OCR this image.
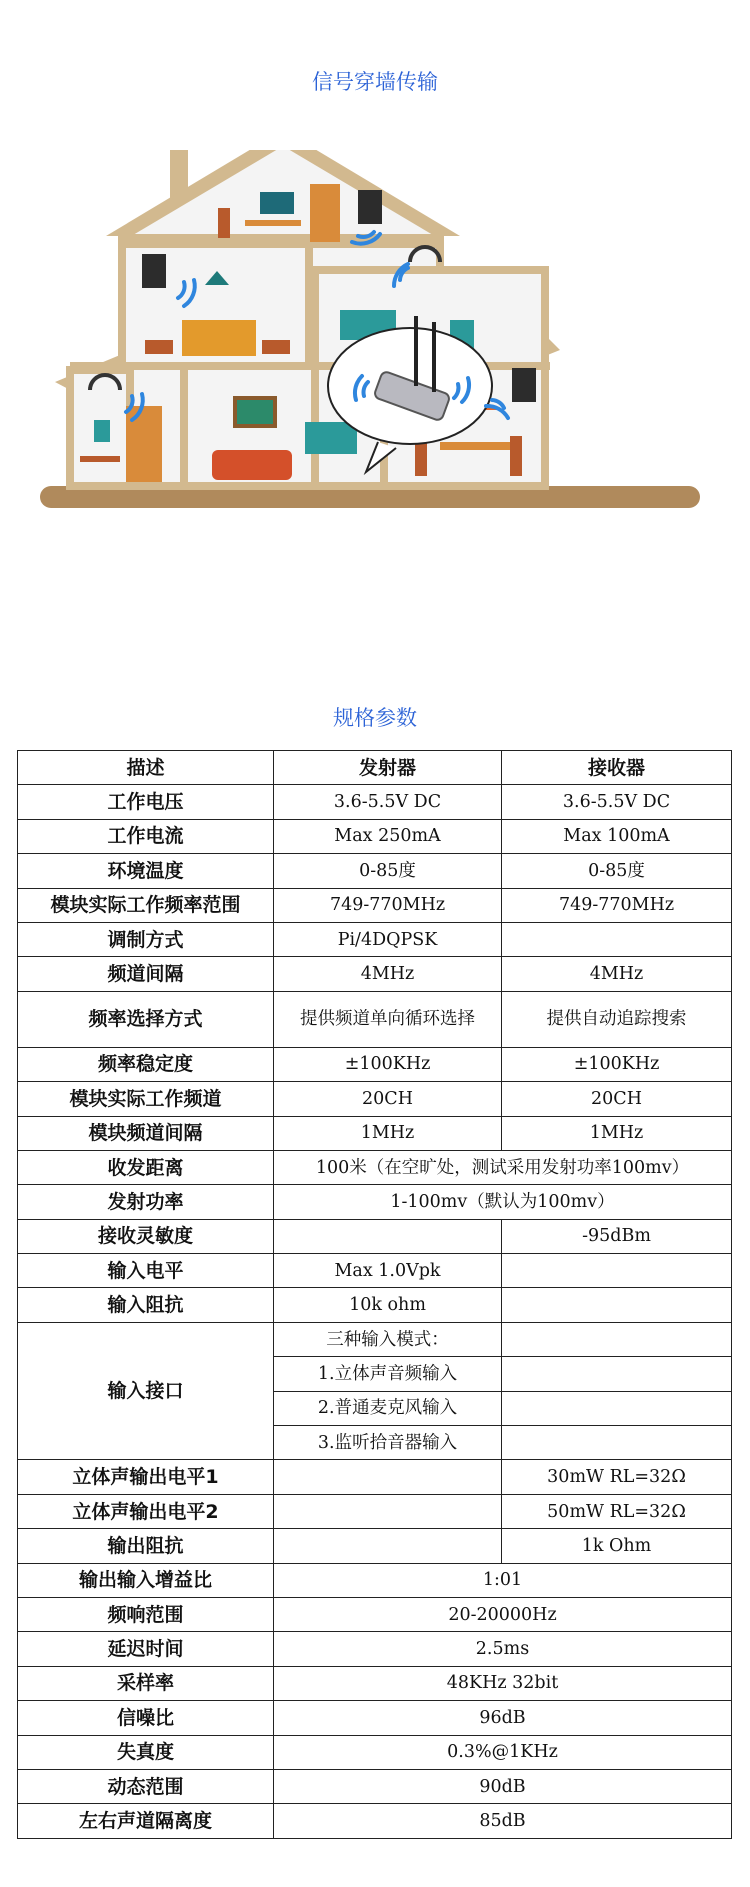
信号穿墙传输
规格参数
描述	发射器	接收器
工作电压	3.6-5.5V DC	3.6-5.5V DC
工作电流	Max 250mA	Max 100mA
环境温度	0-85度	0-85度
模块实际工作频率范围	749-770MHz	749-770MHz
调制方式	Pi/4DQPSK	
频道间隔	4MHz	4MHz
频率选择方式	提供频道单向循环选择	提供自动追踪搜索
频率稳定度	±100KHz	±100KHz
模块实际工作频道	20CH	20CH
模块频道间隔	1MHz	1MHz
收发距离	100米（在空旷处，测试采用发射功率100mv）	
发射功率	1-100mv（默认为100mv）	
接收灵敏度		-95dBm
输入电平	Max 1.0Vpk	
输入阻抗	10k ohm	
输入接口	三种输入模式：	
	1.立体声音频输入	
	2.普通麦克风输入	
	3.监听拾音器输入	
立体声输出电平1		30mW RL=32Ω
立体声输出电平2		50mW RL=32Ω
输出阻抗		1k Ohm
输出输入增益比	1:01	
频响范围	20-20000Hz	
延迟时间	2.5ms	
采样率	48KHz 32bit	
信噪比	96dB	
失真度	0.3%@1KHz	
动态范围	90dB	
左右声道隔离度	85dB	
